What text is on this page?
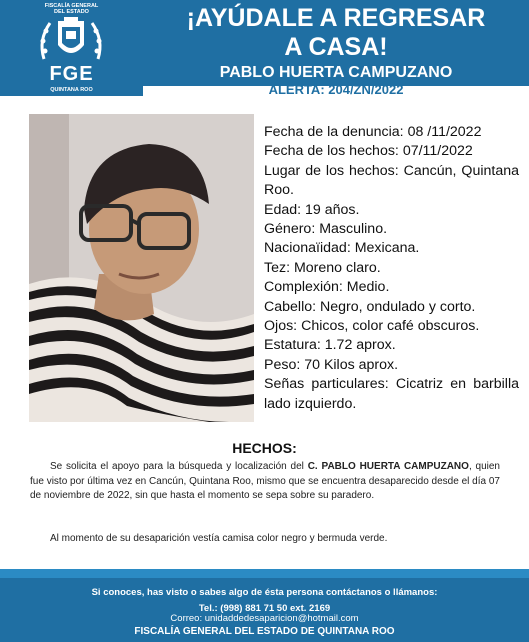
FISCALÍA GENERAL
DEL ESTADO
FGE
QUINTANA ROO
¡AYÚDALE A REGRESAR
A CASA!
PABLO HUERTA CAMPUZANO
ALERTA: 204/ZN/2022
Fecha de la denuncia: 08 /11/2022
Fecha de los hechos: 07/11/2022
Lugar de los hechos: Cancún, Quintana Roo.
Edad: 19 años.
Género: Masculino.
Nacionaïidad: Mexicana.
Tez: Moreno claro.
Complexión: Medio.
Cabello: Negro, ondulado y corto.
Ojos: Chicos, color café obscuros.
Estatura: 1.72 aprox.
Peso: 70 Kilos aprox.
Señas particulares: Cicatriz en barbilla lado izquierdo.
HECHOS:
Se solicita el apoyo para la búsqueda y localización del C. PABLO HUERTA CAMPUZANO, quien fue visto por última vez en Cancún, Quintana Roo, mismo que se encuentra desaparecido desde el día 07 de noviembre de 2022, sin que hasta el momento se sepa sobre su paradero.
Al momento de su desaparición vestía camisa color negro y bermuda verde.
Si conoces, has visto o sabes algo de ésta persona contáctanos o llámanos:
Tel.: (998) 881 71 50 ext. 2169
Correo: unidaddedesaparicion@hotmail.com
FISCALÍA GENERAL DEL ESTADO DE QUINTANA ROO
